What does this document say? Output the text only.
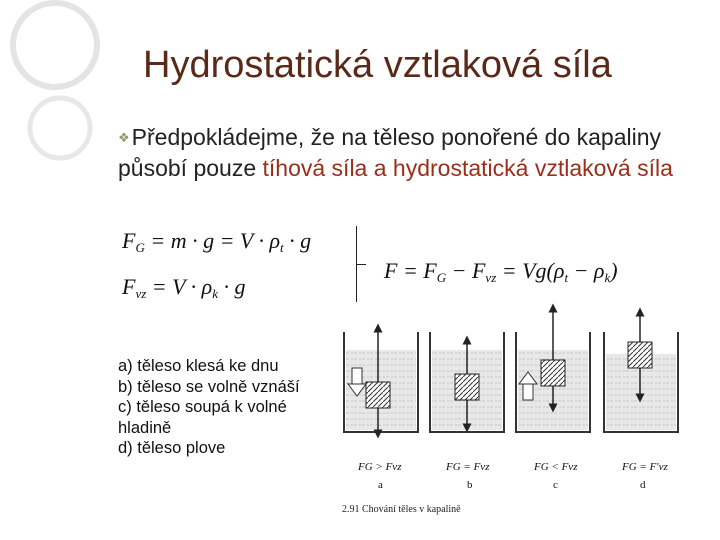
Hydrostatická vztlaková síla
❖Předpokládejme, že na těleso ponořené do kapaliny působí pouze tíhová síla a hydrostatická vztlaková síla
$F_G = m \cdot g = V \cdot \rho_t \cdot g$
$F_{vz} = V \cdot \rho_k \cdot g$
$F = F_G - F_{vz} = Vg(\rho_t - \rho_k)$
a) těleso klesá ke dnu
b) těleso se volně vznáší
c) těleso soupá k volné hladině
d) těleso plove
FG > Fvz	FG = Fvz	FG < Fvz	FG = F'vz
a	b	c	d
2.91 Chování těles v kapalině
